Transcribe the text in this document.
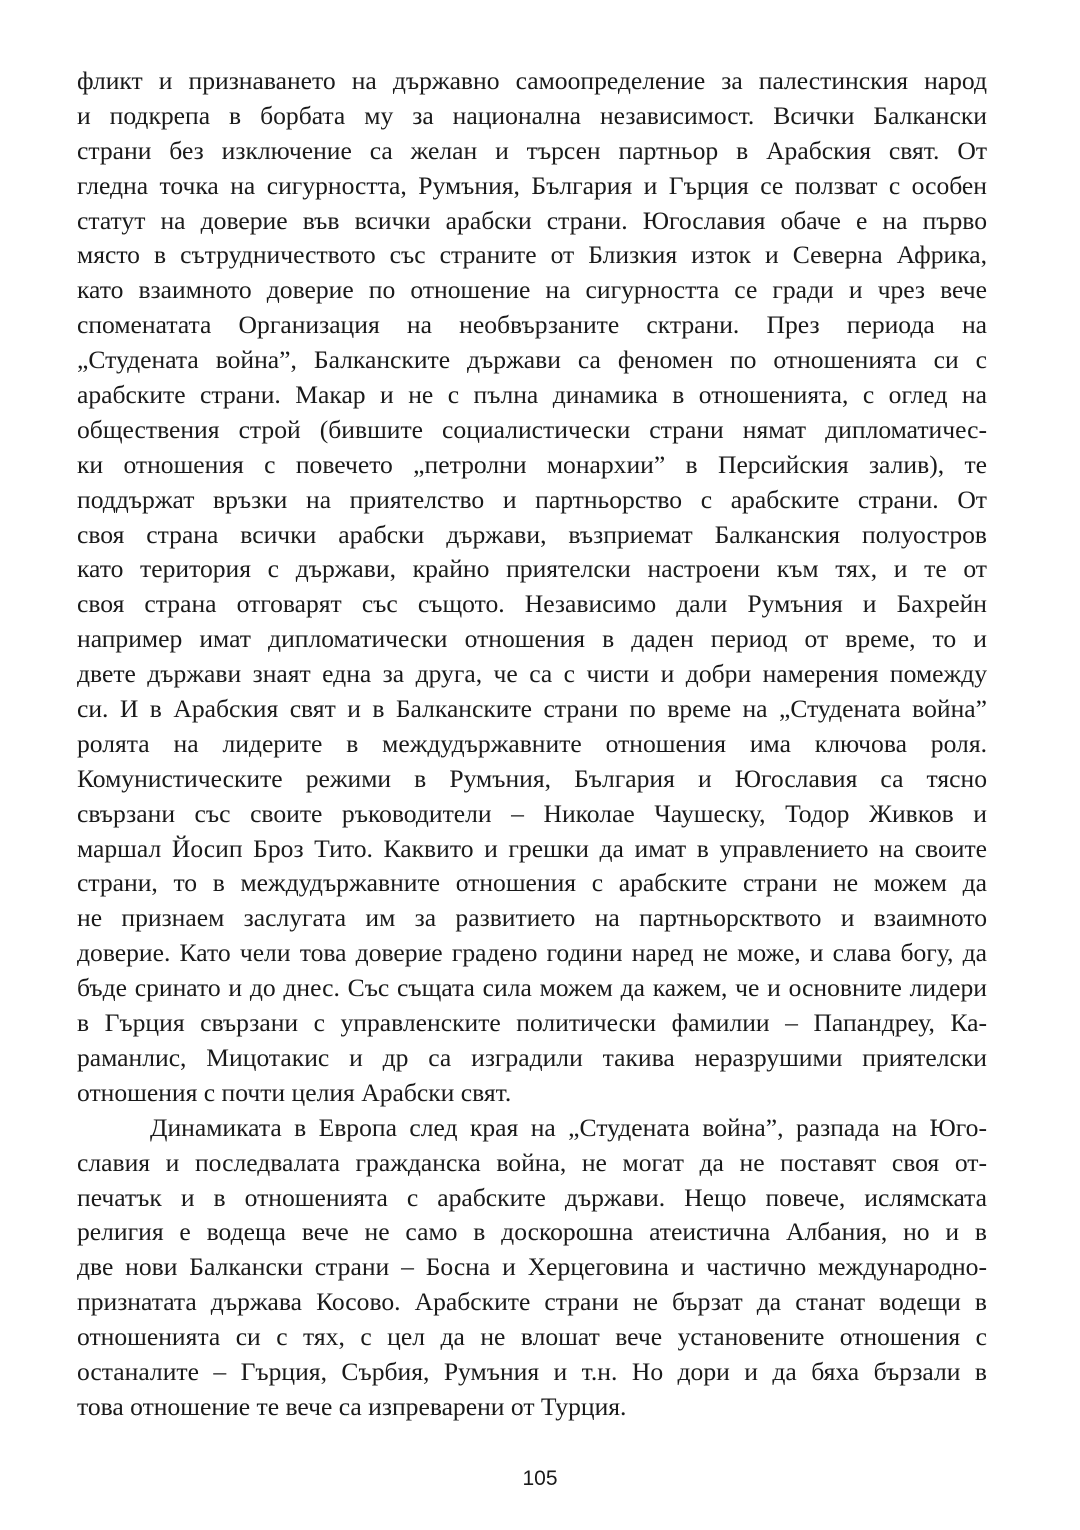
фликт и признаването на държавно самоопределение за палестинския народ
и подкрепа в борбата му за национална независимост. Всички Балкански
страни без изключение са желан и търсен партньор в Арабския свят. От
гледна точка на сигурността, Румъния, България и Гърция се ползват с особен
статут на доверие във всички арабски страни. Югославия обаче е на първо
място в сътрудничеството със страните от Близкия изток и Северна Африка,
като взаимното доверие по отношение на сигурността се гради и чрез вече
споменатата Организация на необвързаните сктрани. През периода на
„Студената война”, Балканските държави са феномен по отношенията си с
арабските страни. Макар и не с пълна динамика в отношенията, с оглед на
обществения строй (бившите социалистически страни нямат дипломатичес-
ки отношения с повечето „петролни монархии” в Персийския залив), те
поддържат връзки на приятелство и партньорство с арабските страни. От
своя страна всички арабски държави, възприемат Балканския полуостров
като територия с държави, крайно приятелски настроени към тях, и те от
своя страна отговарят със същото. Независимо дали Румъния и Бахрейн
например имат дипломатически отношения в даден период от време, то и
двете държави знаят една за друга, че са с чисти и добри намерения помежду
си. И в Арабския свят и в Балканските страни по време на „Студената война”
ролята на лидерите в междудържавните отношения има ключова роля.
Комунистическите режими в Румъния, България и Югославия са тясно
свързани със своите ръководители – Николае Чаушеску, Тодор Живков и
маршал Йосип Броз Тито. Каквито и грешки да имат в управлението на своите
страни, то в междудържавните отношения с арабските страни не можем да
не признаем заслугата им за развитието на партньорсктвото и взаимното
доверие. Като чели това доверие градено години наред не може, и слава богу, да
бъде сринато и до днес. Със същата сила можем да кажем, че и основните лидери
в Гърция свързани с управленските политически фамилии – Папандреу, Ка-
раманлис, Мицотакис и др са изградили такива неразрушими приятелски
отношения с почти целия Арабски свят.
Динамиката в Европа след края на „Студената война”, разпада на Юго-
славия и последвалата гражданска война, не могат да не поставят своя от-
печатък и в отношенията с арабските държави. Нещо повече, ислямската
религия е водеща вече не само в доскорошна атеистична Албания, но и в
две нови Балкански страни – Босна и Херцеговина и частично международно-
признатата държава Косово. Арабските страни не бързат да станат водещи в
отношенията си с тях, с цел да не влошат вече установените отношения с
останалите – Гърция, Сърбия, Румъния и т.н. Но дори и да бяха бързали в
това отношение те вече са изпреварени от Турция.
105
